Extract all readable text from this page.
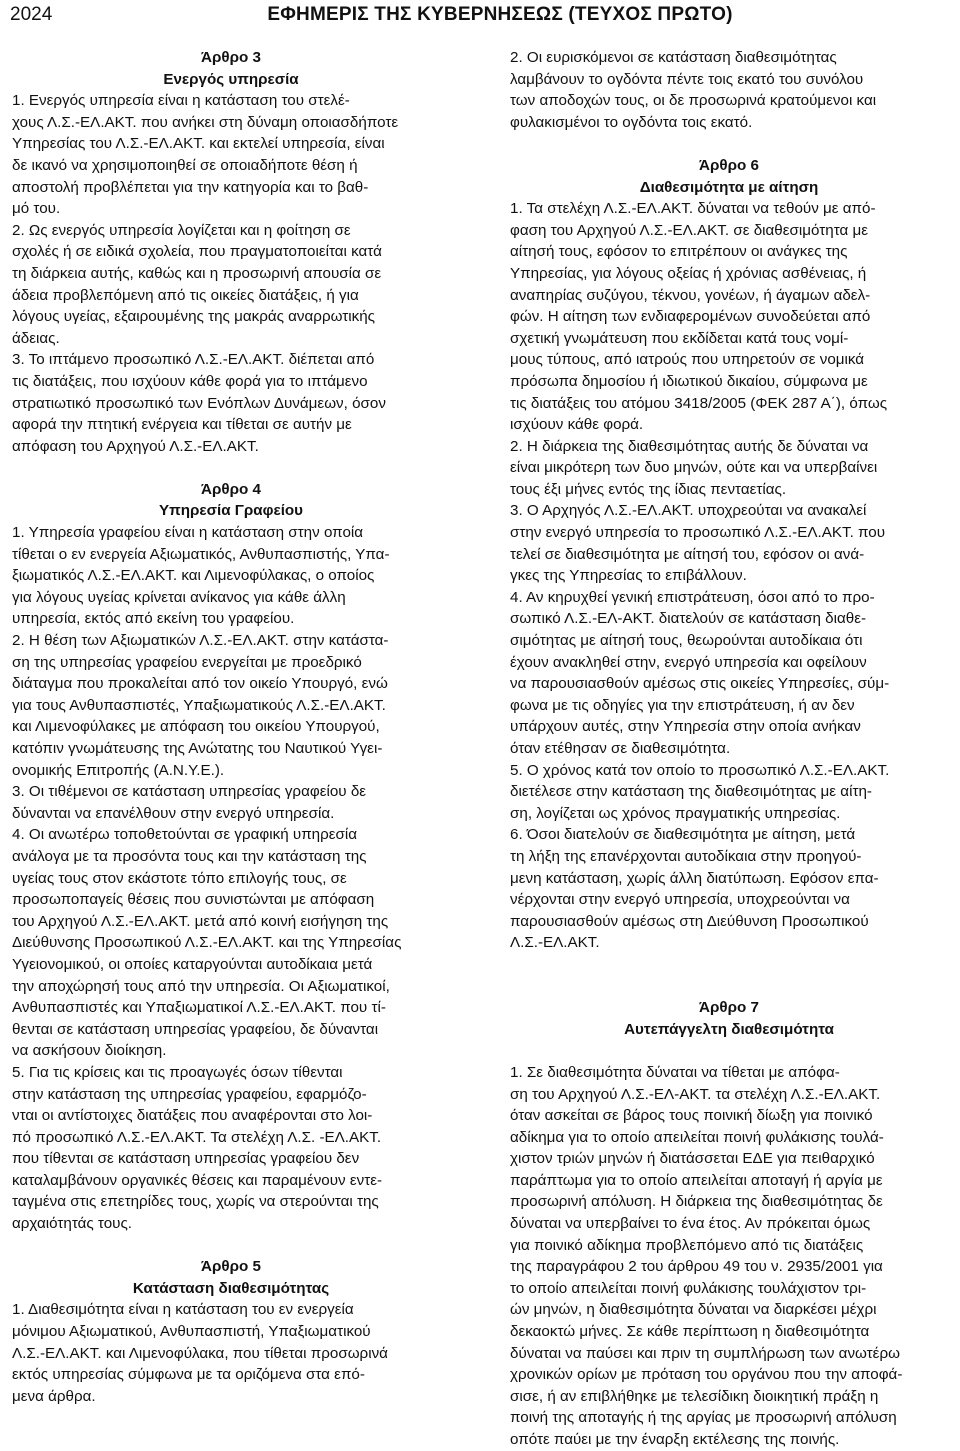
2024	ΕΦΗΜΕΡΙΣ ΤΗΣ ΚΥΒΕΡΝΗΣΕΩΣ (ΤΕΥΧΟΣ ΠΡΩΤΟ)
Άρθρο 3
Ενεργός υπηρεσία
1. Ενεργός υπηρεσία είναι η κατάσταση του στελέ-
χους Λ.Σ.-ΕΛ.ΑΚΤ. που ανήκει στη δύναμη οποιασδήποτε
Υπηρεσίας του Λ.Σ.-ΕΛ.ΑΚΤ. και εκτελεί υπηρεσία, είναι
δε ικανό να χρησιμοποιηθεί σε οποιαδήποτε θέση ή
αποστολή προβλέπεται για την κατηγορία και το βαθ-
μό του.
2. Ως ενεργός υπηρεσία λογίζεται και η φοίτηση σε
σχολές ή σε ειδικά σχολεία, που πραγματοποιείται κατά
τη διάρκεια αυτής, καθώς και η προσωρινή απουσία σε
άδεια προβλεπόμενη από τις οικείες διατάξεις, ή για
λόγους υγείας, εξαιρουμένης της μακράς αναρρωτικής
άδειας.
3. Το ιπτάμενο προσωπικό Λ.Σ.-ΕΛ.ΑΚΤ. διέπεται από
τις διατάξεις, που ισχύουν κάθε φορά για το ιπτάμενο
στρατιωτικό προσωπικό των Ενόπλων Δυνάμεων, όσον
αφορά την πτητική ενέργεια και τίθεται σε αυτήν με
απόφαση του Αρχηγού Λ.Σ.-ΕΛ.ΑΚΤ.
Άρθρο 4
Υπηρεσία Γραφείου
1. Υπηρεσία γραφείου είναι η κατάσταση στην οποία
τίθεται ο εν ενεργεία Αξιωματικός, Ανθυπασπιστής, Υπα-
ξιωματικός Λ.Σ.-ΕΛ.ΑΚΤ. και Λιμενοφύλακας, ο οποίος
για λόγους υγείας κρίνεται ανίκανος για κάθε άλλη
υπηρεσία, εκτός από εκείνη του γραφείου.
2. Η θέση των Αξιωματικών Λ.Σ.-ΕΛ.ΑΚΤ. στην κατάστα-
ση της υπηρεσίας γραφείου ενεργείται με προεδρικό
διάταγμα που προκαλείται από τον οικείο Υπουργό, ενώ
για τους Ανθυπασπιστές, Υπαξιωματικούς Λ.Σ.-ΕΛ.ΑΚΤ.
και Λιμενοφύλακες με απόφαση του οικείου Υπουργού,
κατόπιν γνωμάτευσης της Ανώτατης του Ναυτικού Υγει-
ονομικής Επιτροπής (Α.Ν.Υ.Ε.).
3. Οι τιθέμενοι σε κατάσταση υπηρεσίας γραφείου δε
δύνανται να επανέλθουν στην ενεργό υπηρεσία.
4. Οι ανωτέρω τοποθετούνται σε γραφική υπηρεσία
ανάλογα με τα προσόντα τους και την κατάσταση της
υγείας τους στον εκάστοτε τόπο επιλογής τους, σε
προσωποπαγείς θέσεις που συνιστώνται με απόφαση
του Αρχηγού Λ.Σ.-ΕΛ.ΑΚΤ. μετά από κοινή εισήγηση της
Διεύθυνσης Προσωπικού Λ.Σ.-ΕΛ.ΑΚΤ. και της Υπηρεσίας
Υγειονομικού, οι οποίες καταργούνται αυτοδίκαια μετά
την αποχώρησή τους από την υπηρεσία. Οι Αξιωματικοί,
Ανθυπασπιστές και Υπαξιωματικοί Λ.Σ.-ΕΛ.ΑΚΤ. που τί-
θενται σε κατάσταση υπηρεσίας γραφείου, δε δύνανται
να ασκήσουν διοίκηση.
5. Για τις κρίσεις και τις προαγωγές όσων τίθενται
στην κατάσταση της υπηρεσίας γραφείου, εφαρμόζο-
νται οι αντίστοιχες διατάξεις που αναφέρονται στο λοι-
πό προσωπικό Λ.Σ.-ΕΛ.ΑΚΤ. Τα στελέχη Λ.Σ. -ΕΛ.ΑΚΤ.
που τίθενται σε κατάσταση υπηρεσίας γραφείου δεν
καταλαμβάνουν οργανικές θέσεις και παραμένουν εντε-
ταγμένα στις επετηρίδες τους, χωρίς να στερούνται της
αρχαιότητάς τους.
Άρθρο 5
Κατάσταση διαθεσιμότητας
1. Διαθεσιμότητα είναι η κατάσταση του εν ενεργεία
μόνιμου Αξιωματικού, Ανθυπασπιστή, Υπαξιωματικού
Λ.Σ.-ΕΛ.ΑΚΤ. και Λιμενοφύλακα, που τίθεται προσωρινά
εκτός υπηρεσίας σύμφωνα με τα οριζόμενα στα επό-
μενα άρθρα.
2. Οι ευρισκόμενοι σε κατάσταση διαθεσιμότητας
λαμβάνουν το ογδόντα πέντε τοις εκατό του συνόλου
των αποδοχών τους, οι δε προσωρινά κρατούμενοι και
φυλακισμένοι το ογδόντα τοις εκατό.
Άρθρο 6
Διαθεσιμότητα με αίτηση
1. Τα στελέχη Λ.Σ.-ΕΛ.ΑΚΤ. δύναται να τεθούν με από-
φαση του Αρχηγού Λ.Σ.-ΕΛ.ΑΚΤ. σε διαθεσιμότητα με
αίτησή τους, εφόσον το επιτρέπουν οι ανάγκες της
Υπηρεσίας, για λόγους οξείας ή χρόνιας ασθένειας, ή
αναπηρίας συζύγου, τέκνου, γονέων, ή άγαμων αδελ-
φών. Η αίτηση των ενδιαφερομένων συνοδεύεται από
σχετική γνωμάτευση που εκδίδεται κατά τους νομί-
μους τύπους, από ιατρούς που υπηρετούν σε νομικά
πρόσωπα δημοσίου ή ιδιωτικού δικαίου, σύμφωνα με
τις διατάξεις του ατόμου 3418/2005 (ΦΕΚ 287 Α΄), όπως
ισχύουν κάθε φορά.
2. Η διάρκεια της διαθεσιμότητας αυτής δε δύναται να
είναι μικρότερη των δυο μηνών, ούτε και να υπερβαίνει
τους έξι μήνες εντός της ίδιας πενταετίας.
3. Ο Αρχηγός Λ.Σ.-ΕΛ.ΑΚΤ. υποχρεούται να ανακαλεί
στην ενεργό υπηρεσία το προσωπικό Λ.Σ.-ΕΛ.ΑΚΤ. που
τελεί σε διαθεσιμότητα με αίτησή του, εφόσον οι ανά-
γκες της Υπηρεσίας το επιβάλλουν.
4. Αν κηρυχθεί γενική επιστράτευση, όσοι από το προ-
σωπικό Λ.Σ.-ΕΛ-ΑΚΤ. διατελούν σε κατάσταση διαθε-
σιμότητας με αίτησή τους, θεωρούνται αυτοδίκαια ότι
έχουν ανακληθεί στην, ενεργό υπηρεσία και οφείλουν
να παρουσιασθούν αμέσως στις οικείες Υπηρεσίες, σύμ-
φωνα με τις οδηγίες για την επιστράτευση, ή αν δεν
υπάρχουν αυτές, στην Υπηρεσία στην οποία ανήκαν
όταν ετέθησαν σε διαθεσιμότητα.
5. Ο χρόνος κατά τον οποίο το προσωπικό Λ.Σ.-ΕΛ.ΑΚΤ.
διετέλεσε στην κατάσταση της διαθεσιμότητας με αίτη-
ση, λογίζεται ως χρόνος πραγματικής υπηρεσίας.
6. Όσοι διατελούν σε διαθεσιμότητα με αίτηση, μετά
τη λήξη της επανέρχονται αυτοδίκαια στην προηγού-
μενη κατάσταση, χωρίς άλλη διατύπωση. Εφόσον επα-
νέρχονται στην ενεργό υπηρεσία, υποχρεούνται να
παρουσιασθούν αμέσως στη Διεύθυνση Προσωπικού
Λ.Σ.-ΕΛ.ΑΚΤ.
Άρθρο 7
Αυτεπάγγελτη διαθεσιμότητα
1. Σε διαθεσιμότητα δύναται να τίθεται με απόφα-
ση του Αρχηγού Λ.Σ.-ΕΛ-ΑΚΤ. τα στελέχη Λ.Σ.-ΕΛ.ΑΚΤ.
όταν ασκείται σε βάρος τους ποινική δίωξη για ποινικό
αδίκημα για το οποίο απειλείται ποινή φυλάκισης τουλά-
χιστον τριών μηνών ή διατάσσεται ΕΔΕ για πειθαρχικό
παράπτωμα για το οποίο απειλείται αποταγή ή αργία με
προσωρινή απόλυση. Η διάρκεια της διαθεσιμότητας δε
δύναται να υπερβαίνει το ένα έτος. Αν πρόκειται όμως
για ποινικό αδίκημα προβλεπόμενο από τις διατάξεις
της παραγράφου 2 του άρθρου 49 του ν. 2935/2001 για
το οποίο απειλείται ποινή φυλάκισης τουλάχιστον τρι-
ών μηνών, η διαθεσιμότητα δύναται να διαρκέσει μέχρι
δεκαοκτώ μήνες. Σε κάθε περίπτωση η διαθεσιμότητα
δύναται να παύσει και πριν τη συμπλήρωση των ανωτέρω
χρονικών ορίων με πρόταση του οργάνου που την αποφά-
σισε, ή αν επιβλήθηκε με τελεσίδικη διοικητική πράξη η
ποινή της αποταγής ή της αργίας με προσωρινή απόλυση
οπότε παύει με την έναρξη εκτέλεσης της ποινής.
